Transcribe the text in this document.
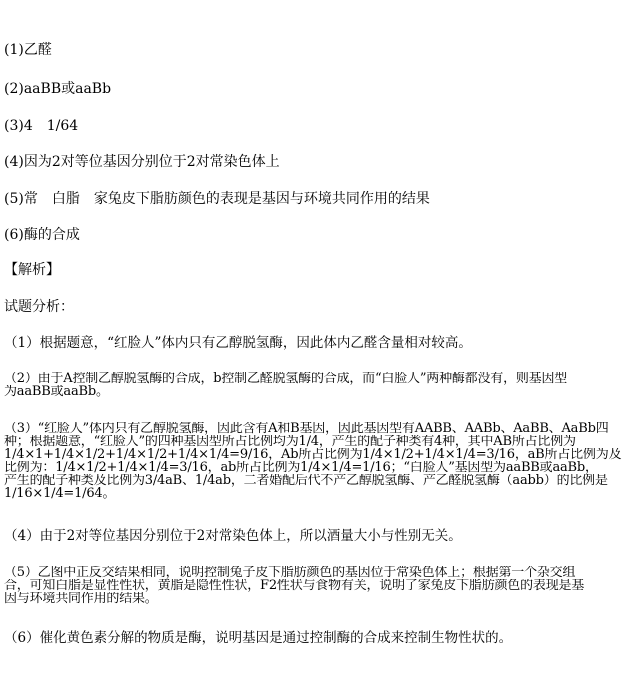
(1)乙醛
(2)aaBB或aaBb
(3)4　1/64
(4)因为2对等位基因分别位于2对常染色体上
(5)常　白脂　家兔皮下脂肪颜色的表现是基因与环境共同作用的结果
(6)酶的合成
【解析】
试题分析：
（1）根据题意，“红脸人”体内只有乙醇脱氢酶，因此体内乙醛含量相对较高。
（2）由于A控制乙醇脱氢酶的合成，b控制乙醛脱氢酶的合成，而“白脸人”两种酶都没有，则基因型
为aaBB或aaBb。
（3）“红脸人”体内只有乙醇脱氢酶，因此含有A和B基因，因此基因型有AABB、AABb、AaBB、AaBb四
种；根据题意，“红脸人”的四种基因型所占比例均为1/4，产生的配子种类有4种，其中AB所占比例为
1/4×1+1/4×1/2+1/4×1/2+1/4×1/4=9/16，Ab所占比例为1/4×1/2+1/4×1/4=3/16，aB所占比例为及
比例为：1/4×1/2+1/4×1/4=3/16，ab所占比例为1/4×1/4=1/16；“白脸人”基因型为aaBB或aaBb，
产生的配子种类及比例为3/4aB、1/4ab，二者婚配后代不产乙醇脱氢酶、产乙醛脱氢酶（aabb）的比例是
1/16×1/4=1/64。
（4）由于2对等位基因分别位于2对常染色体上，所以酒量大小与性别无关。
（5）乙图中正反交结果相同，说明控制兔子皮下脂肪颜色的基因位于常染色体上；根据第一个杂交组
合，可知白脂是显性性状，黄脂是隐性性状，F2性状与食物有关，说明了家兔皮下脂肪颜色的表现是基
因与环境共同作用的结果。
（6）催化黄色素分解的物质是酶，说明基因是通过控制酶的合成来控制生物性状的。
